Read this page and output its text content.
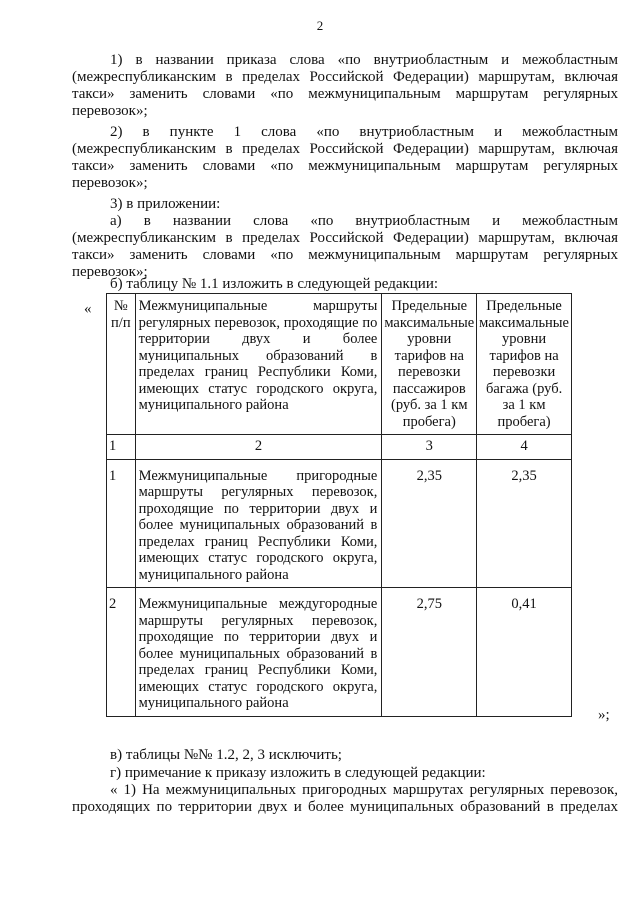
2
1) в названии приказа слова «по внутриобластным и межобластным
(межреспубликанским в пределах Российской Федерации) маршрутам, включая
такси» заменить словами «по межмуниципальным маршрутам регулярных
перевозок»;
2) в пункте 1 слова «по внутриобластным и межобластным
(межреспубликанским в пределах Российской Федерации) маршрутам, включая
такси» заменить словами «по межмуниципальным маршрутам регулярных
перевозок»;
3) в приложении:
а) в названии слова «по внутриобластным и межобластным
(межреспубликанским в пределах Российской Федерации) маршрутам, включая
такси» заменить словами «по межмуниципальным маршрутам регулярных
перевозок»;
б) таблицу № 1.1 изложить в следующей редакции:
« № п/п	Межмуниципальные маршруты регулярных перевозок, проходящие по территории двух и более муниципальных образований в пределах границ Республики Коми, имеющих статус городского округа, муниципального района	Предельные максимальные уровни тарифов на перевозки пассажиров (руб. за 1 км пробега)	Предельные максимальные уровни тарифов на перевозки багажа (руб. за 1 км пробега)
1	2	3	4
1	Межмуниципальные пригородные маршруты регулярных перевозок, проходящие по территории двух и более муниципальных образований в пределах границ Республики Коми, имеющих статус городского округа, муниципального района	2,35	2,35
2	Межмуниципальные междугородные маршруты регулярных перевозок, проходящие по территории двух и более муниципальных образований в пределах границ Республики Коми, имеющих статус городского округа, муниципального района	2,75	0,41
»;
в) таблицы №№ 1.2, 2, 3 исключить;
г) примечание к приказу изложить в следующей редакции:
« 1) На межмуниципальных пригородных маршрутах регулярных перевозок,
проходящих по территории двух и более муниципальных образований в пределах
